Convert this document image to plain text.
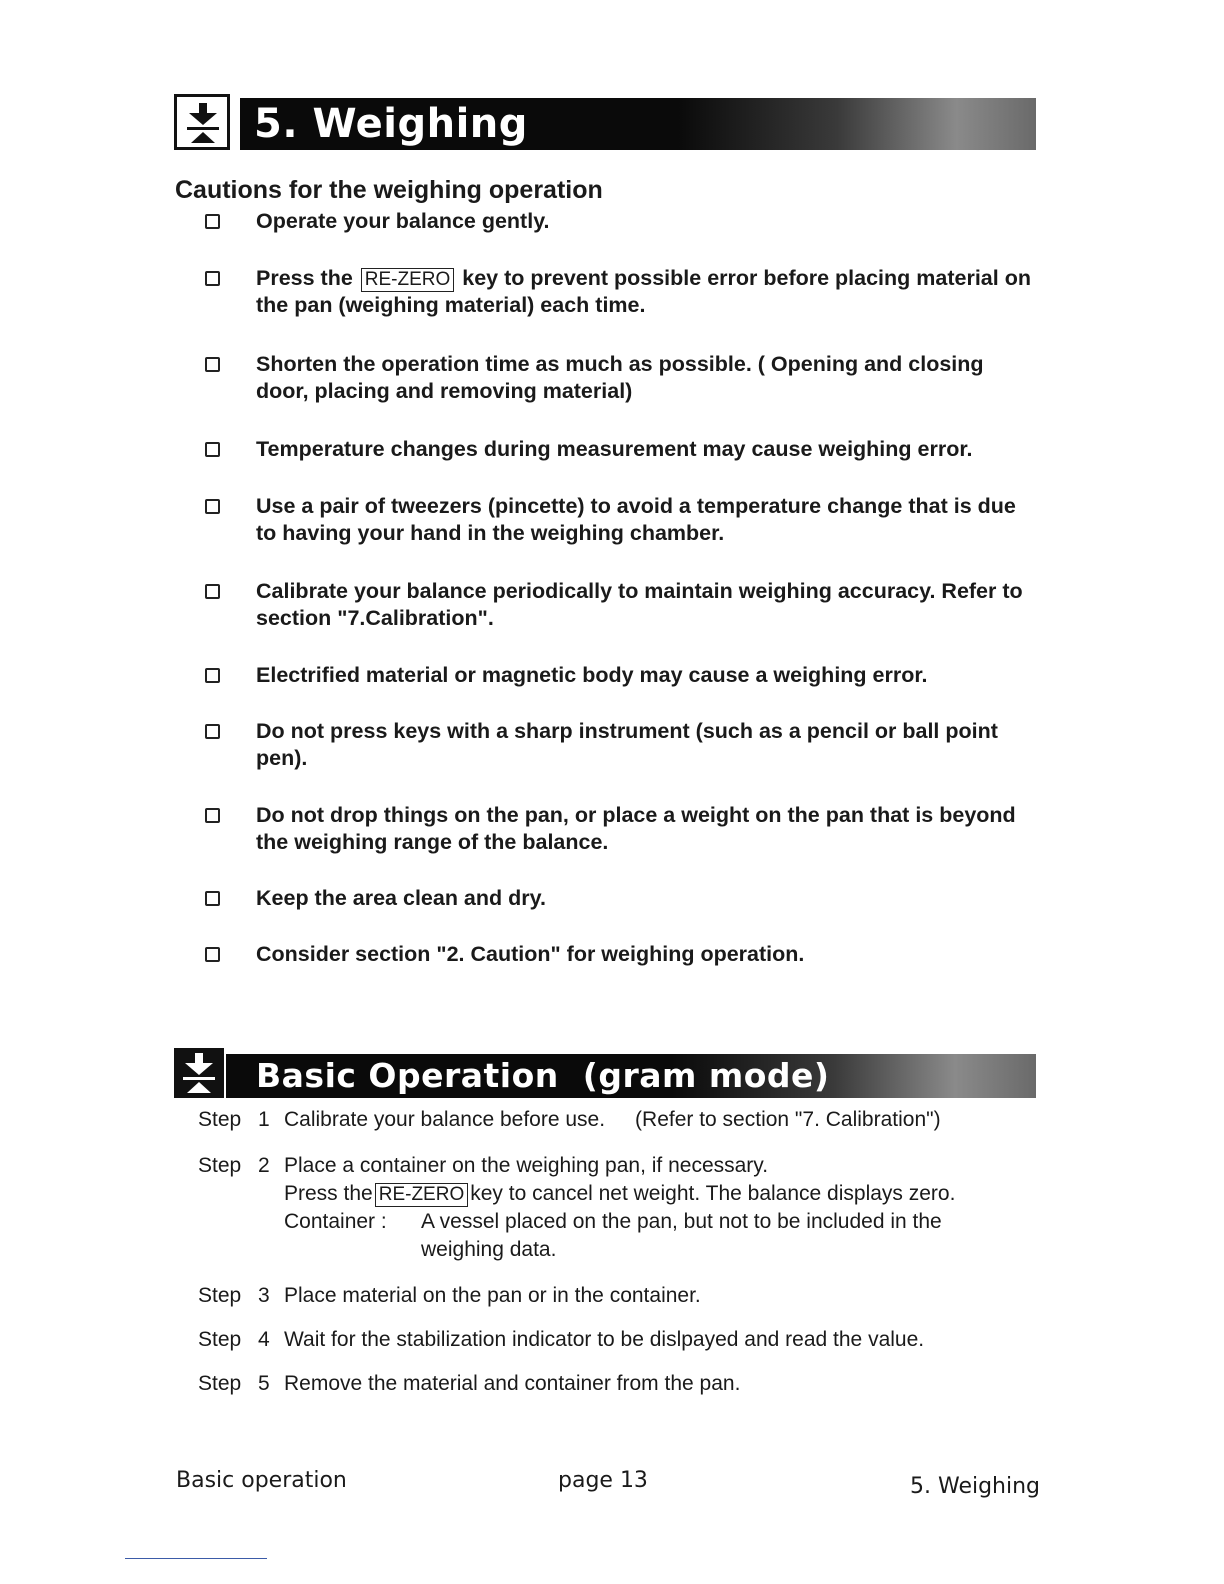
5. Weighing
Cautions for the weighing operation
Operate your balance gently.
Press the RE-ZERO key to prevent possible error before placing material on the pan (weighing material) each time.
Shorten the operation time as much as possible. ( Opening and closing door, placing and removing material)
Temperature changes during measurement may cause weighing error.
Use a pair of tweezers (pincette) to avoid a temperature change that is due to having your hand in the weighing chamber.
Calibrate your balance periodically to maintain weighing accuracy. Refer to section "7.Calibration".
Electrified material or magnetic body may cause a weighing error.
Do not press keys with a sharp instrument (such as a pencil or ball point pen).
Do not drop things on the pan, or place a weight on the pan that is beyond the weighing range of the balance.
Keep the area clean and dry.
Consider section "2. Caution" for weighing operation.
Basic Operation  (gram mode)
Step 1 Calibrate your balance before use. (Refer to section "7. Calibration")
Step 2 Place a container on the weighing pan, if necessary.
Press the RE-ZERO key to cancel net weight. The balance displays zero.
Container : A vessel placed on the pan, but not to be included in the
weighing data.
Step 3 Place material on the pan or in the container.
Step 4 Wait for the stabilization indicator to be dislpayed and read the value.
Step 5 Remove the material and container from the pan.
Basic operation	page 13	5. Weighing
